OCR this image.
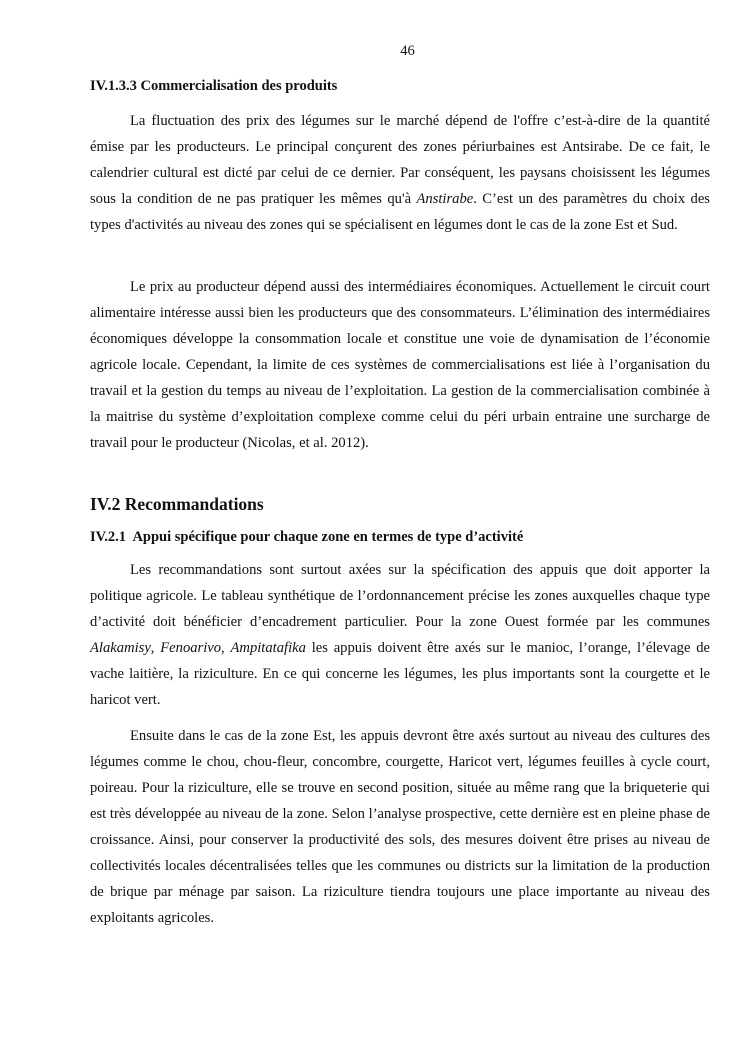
46
IV.1.3.3 Commercialisation des produits

La fluctuation des prix des légumes sur le marché dépend de l'offre c’est-à-dire de la quantité émise par les producteurs. Le principal conçurent des zones périurbaines est Antsirabe. De ce fait, le calendrier cultural est dicté par celui de ce dernier. Par conséquent, les paysans choisissent les légumes sous la condition de ne pas pratiquer les mêmes qu'à Anstirabe. C’est un des paramètres du choix des types d'activités au niveau des zones qui se spécialisent en légumes dont le cas de la zone Est et Sud.

Le prix au producteur dépend aussi des intermédiaires économiques. Actuellement le circuit court alimentaire intéresse aussi bien les producteurs que des consommateurs. L’élimination des intermédiaires économiques développe la consommation locale et constitue une voie de dynamisation de l’économie agricole locale. Cependant, la limite de ces systèmes de commercialisations est liée à l’organisation du travail et la gestion du temps au niveau de l’exploitation. La gestion de la commercialisation combinée à la maitrise du système d’exploitation complexe comme celui du péri urbain entraine une surcharge de travail pour le producteur (Nicolas, et al. 2012).

IV.2 Recommandations
IV.2.1  Appui spécifique pour chaque zone en termes de type d’activité

Les recommandations sont surtout axées sur la spécification des appuis que doit apporter la politique agricole. Le tableau synthétique de l’ordonnancement précise les zones auxquelles chaque type d’activité doit bénéficier d’encadrement particulier. Pour la zone Ouest formée par les communes Alakamisy, Fenoarivo, Ampitatafika les appuis doivent être axés sur le manioc, l’orange, l’élevage de vache laitière, la riziculture. En ce qui concerne les légumes, les plus importants sont la courgette et le haricot vert.

Ensuite dans le cas de la zone Est, les appuis devront être axés surtout au niveau des cultures des légumes comme le chou, chou-fleur, concombre, courgette, Haricot vert, légumes feuilles à cycle court, poireau. Pour la riziculture, elle se trouve en second position, située au même rang que la briqueterie qui est très développée au niveau de la zone. Selon l’analyse prospective, cette dernière est en pleine phase de croissance. Ainsi, pour conserver la productivité des sols, des mesures doivent être prises au niveau de collectivités locales décentralisées telles que les communes ou districts sur la limitation de la production de brique par ménage par saison. La riziculture tiendra toujours une place importante au niveau des exploitants agricoles.
